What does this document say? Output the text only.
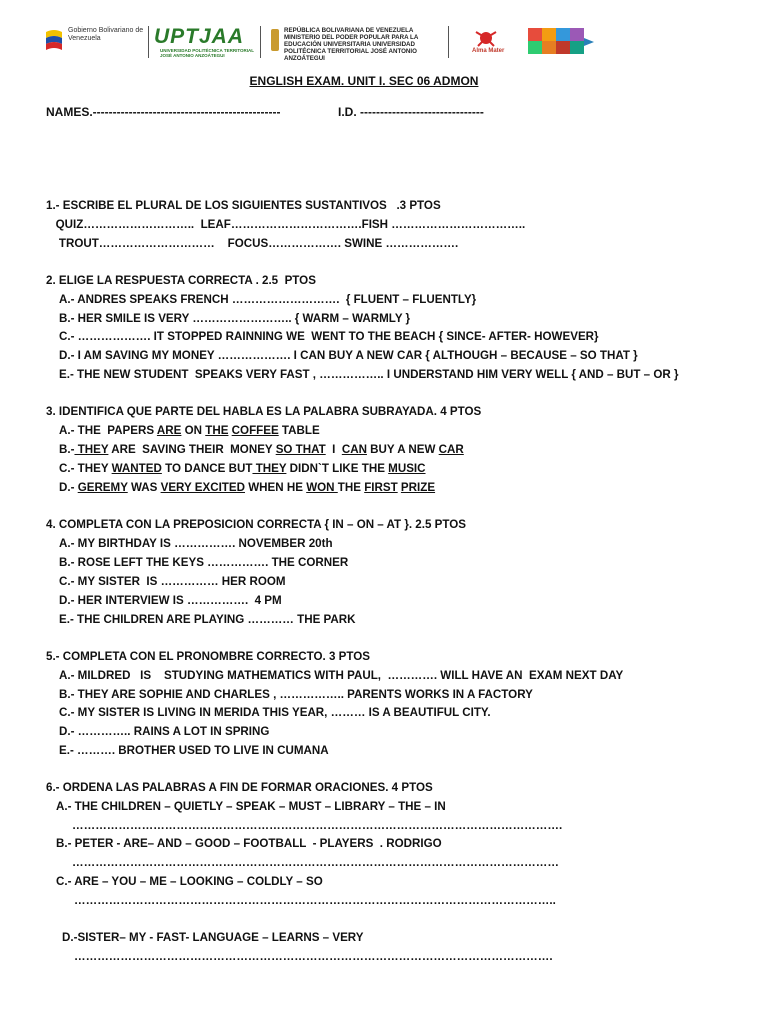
Gobierno Bolivariano de Venezuela	UPTJAA
UNIVERSIDAD POLITÉCNICA TERRITORIAL JOSÉ ANTONIO ANZOÁTEGUI
REPÚBLICA BOLIVARIANA DE VENEZUELA MINISTERIO DEL PODER POPULAR PARA LA EDUCACIÓN UNIVERSITARIA UNIVERSIDAD POLITÉCNICA TERRITORIAL JOSÉ ANTONIO ANZOÁTEGUI
Alma Mater
ENGLISH EXAM. UNIT I. SEC 06 ADMON
NAMES.-----------------------------------------------	I.D. -------------------------------
1.- ESCRIBE EL PLURAL DE LOS SIGUIENTES SUSTANTIVOS   .3 PTOS
QUIZ………………………..  LEAF…………………………….FISH ……………………………..
TROUT…………………………    FOCUS………………. SWINE ……………….
2. ELIGE LA RESPUESTA CORRECTA . 2.5  PTOS
A.- ANDRES SPEAKS FRENCH ……………………….  { FLUENT – FLUENTLY}
B.- HER SMILE IS VERY …………………….. { WARM – WARMLY }
C.- ………………. IT STOPPED RAINNING WE  WENT TO THE BEACH { SINCE- AFTER- HOWEVER}
D.- I AM SAVING MY MONEY ………………. I CAN BUY A NEW CAR { ALTHOUGH – BECAUSE – SO THAT }
E.- THE NEW STUDENT  SPEAKS VERY FAST , …………….. I UNDERSTAND HIM VERY WELL { AND – BUT – OR }
3. IDENTIFICA QUE PARTE DEL HABLA ES LA PALABRA SUBRAYADA. 4 PTOS
A.- THE  PAPERS ARE ON THE COFFEE TABLE
B.- THEY ARE  SAVING THEIR  MONEY SO THAT  I  CAN BUY A NEW CAR
C.- THEY WANTED TO DANCE BUT THEY DIDN`T LIKE THE MUSIC
D.- GEREMY WAS VERY EXCITED WHEN HE WON THE FIRST PRIZE
4. COMPLETA CON LA PREPOSICION CORRECTA { IN – ON – AT }. 2.5 PTOS
A.- MY BIRTHDAY IS ……………. NOVEMBER 20th
B.- ROSE LEFT THE KEYS ……………. THE CORNER
C.- MY SISTER  IS …………… HER ROOM
D.- HER INTERVIEW IS …………….  4 PM
E.- THE CHILDREN ARE PLAYING ………… THE PARK
5.- COMPLETA CON EL PRONOMBRE CORRECTO. 3 PTOS
A.- MILDRED   IS    STUDYING MATHEMATICS WITH PAUL,  …………. WILL HAVE AN  EXAM NEXT DAY
B.- THEY ARE SOPHIE AND CHARLES , …………….. PARENTS WORKS IN A FACTORY
C.- MY SISTER IS LIVING IN MERIDA THIS YEAR, ……… IS A BEAUTIFUL CITY.
D.- ………….. RAINS A LOT IN SPRING
E.- ………. BROTHER USED TO LIVE IN CUMANA
6.- ORDENA LAS PALABRAS A FIN DE FORMAR ORACIONES. 4 PTOS
A.- THE CHILDREN – QUIETLY – SPEAK – MUST – LIBRARY – THE – IN
……………………………………………………………………………………………………………….
B.- PETER - ARE– AND – GOOD – FOOTBALL  - PLAYERS  . RODRIGO
………………………………………………………………………………………………………………
C.- ARE – YOU – ME – LOOKING – COLDLY – SO
……………………………………………………………………………………………………………..
D.-SISTER– MY - FAST- LANGUAGE – LEARNS – VERY
…………………………………………………………………………………………………………….
